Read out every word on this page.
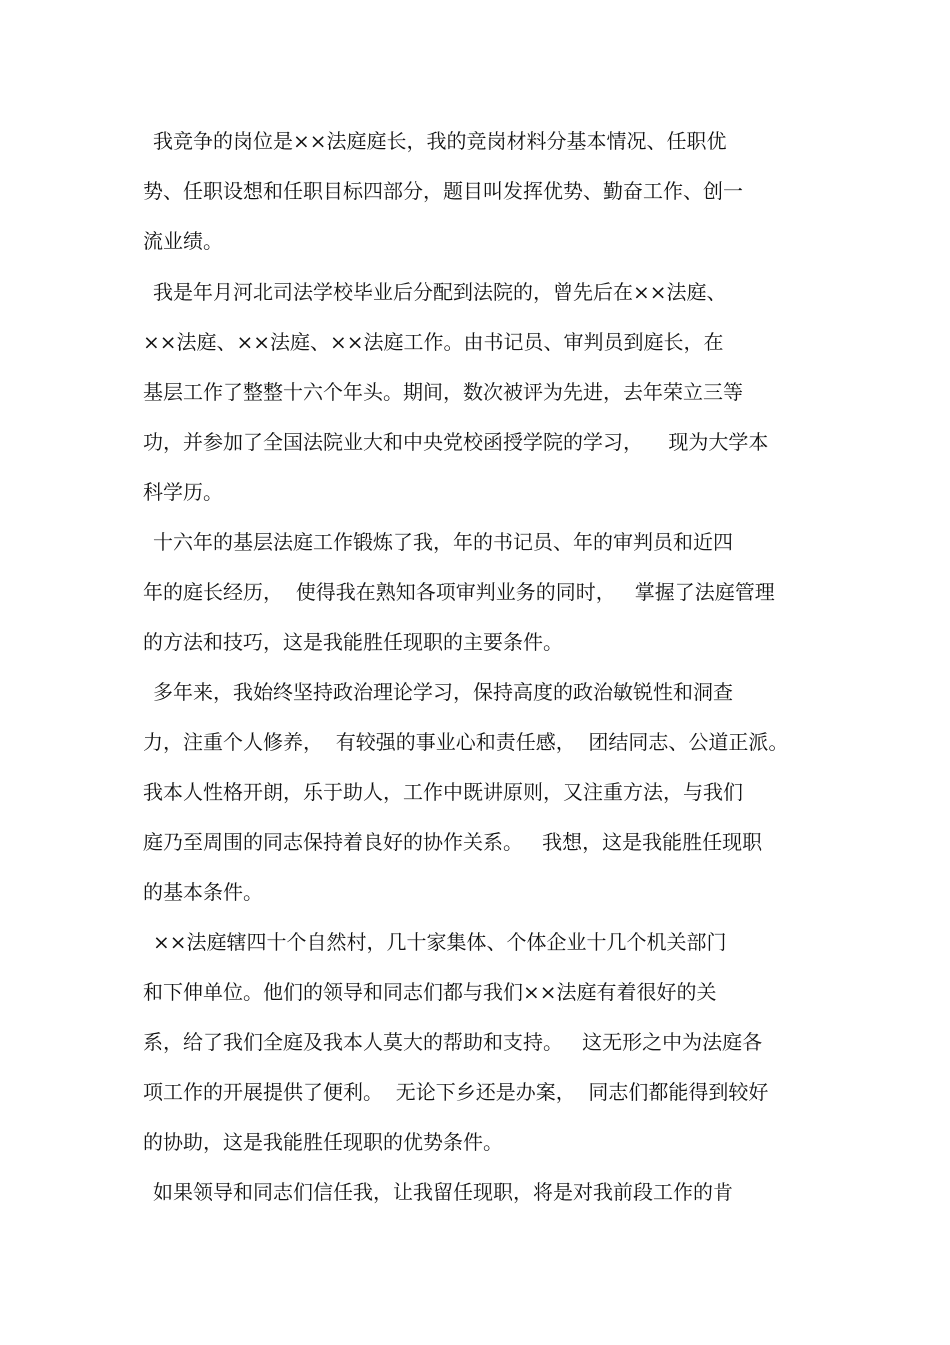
我竞争的岗位是××法庭庭长，我的竞岗材料分基本情况、任职优
势、任职设想和任职目标四部分，题目叫发挥优势、勤奋工作、创一
流业绩。
我是年月河北司法学校毕业后分配到法院的，曾先后在××法庭、
××法庭、××法庭、××法庭工作。由书记员、审判员到庭长，在
基层工作了整整十六个年头。期间，数次被评为先进，去年荣立三等
功，并参加了全国法院业大和中央党校函授学院的学习，    现为大学本
科学历。
十六年的基层法庭工作锻炼了我，年的书记员、年的审判员和近四
年的庭长经历，  使得我在熟知各项审判业务的同时，   掌握了法庭管理
的方法和技巧，这是我能胜任现职的主要条件。
多年来，我始终坚持政治理论学习，保持高度的政治敏锐性和洞查
力，注重个人修养，  有较强的事业心和责任感，  团结同志、公道正派。
我本人性格开朗，乐于助人，工作中既讲原则，又注重方法，与我们
庭乃至周围的同志保持着良好的协作关系。   我想，这是我能胜任现职
的基本条件。
××法庭辖四十个自然村，几十家集体、个体企业十几个机关部门
和下伸单位。他们的领导和同志们都与我们××法庭有着很好的关
系，给了我们全庭及我本人莫大的帮助和支持。   这无形之中为法庭各
项工作的开展提供了便利。  无论下乡还是办案，  同志们都能得到较好
的协助，这是我能胜任现职的优势条件。
如果领导和同志们信任我，让我留任现职，将是对我前段工作的肯
